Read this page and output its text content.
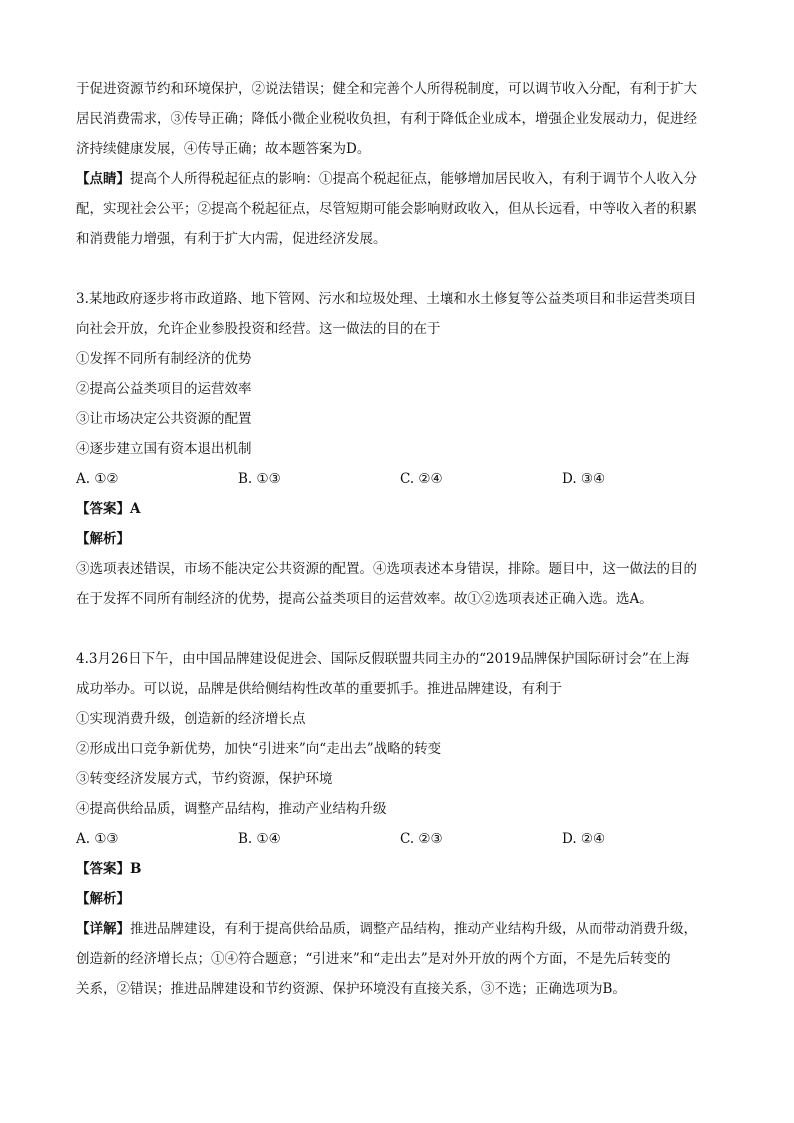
于促进资源节约和环境保护，②说法错误；健全和完善个人所得税制度，可以调节收入分配，有利于扩大

居民消费需求，③传导正确；降低小微企业税收负担，有利于降低企业成本，增强企业发展动力，促进经

济持续健康发展，④传导正确；故本题答案为D。

【点睛】提高个人所得税起征点的影响：①提高个税起征点，能够增加居民收入，有利于调节个人收入分

配，实现社会公平；②提高个税起征点，尽管短期可能会影响财政收入，但从长远看，中等收入者的积累

和消费能力增强，有利于扩大内需，促进经济发展。

3.某地政府逐步将市政道路、地下管网、污水和垃圾处理、土壤和水土修复等公益类项目和非运营类项目

向社会开放，允许企业参股投资和经营。这一做法的目的在于

①发挥不同所有制经济的优势

②提高公益类项目的运营效率

③让市场决定公共资源的配置

④逐步建立国有资本退出机制

A. ①②	B. ①③	C. ②④	D. ③④

【答案】A

【解析】

③选项表述错误，市场不能决定公共资源的配置。④选项表述本身错误，排除。题目中，这一做法的目的

在于发挥不同所有制经济的优势，提高公益类项目的运营效率。故①②选项表述正确入选。选A。

4.3月26日下午，由中国品牌建设促进会、国际反假联盟共同主办的“2019品牌保护国际研讨会”在上海

成功举办。可以说，品牌是供给侧结构性改革的重要抓手。推进品牌建设，有利于

①实现消费升级，创造新的经济增长点

②形成出口竞争新优势，加快“引进来”向“走出去”战略的转变

③转变经济发展方式，节约资源，保护环境

④提高供给品质，调整产品结构，推动产业结构升级

A. ①③	B. ①④	C. ②③	D. ②④

【答案】B

【解析】

【详解】推进品牌建设，有利于提高供给品质，调整产品结构，推动产业结构升级，从而带动消费升级，

创造新的经济增长点；①④符合题意；“引进来”和“走出去”是对外开放的两个方面，不是先后转变的

关系，②错误；推进品牌建设和节约资源、保护环境没有直接关系，③不选；正确选项为B。
